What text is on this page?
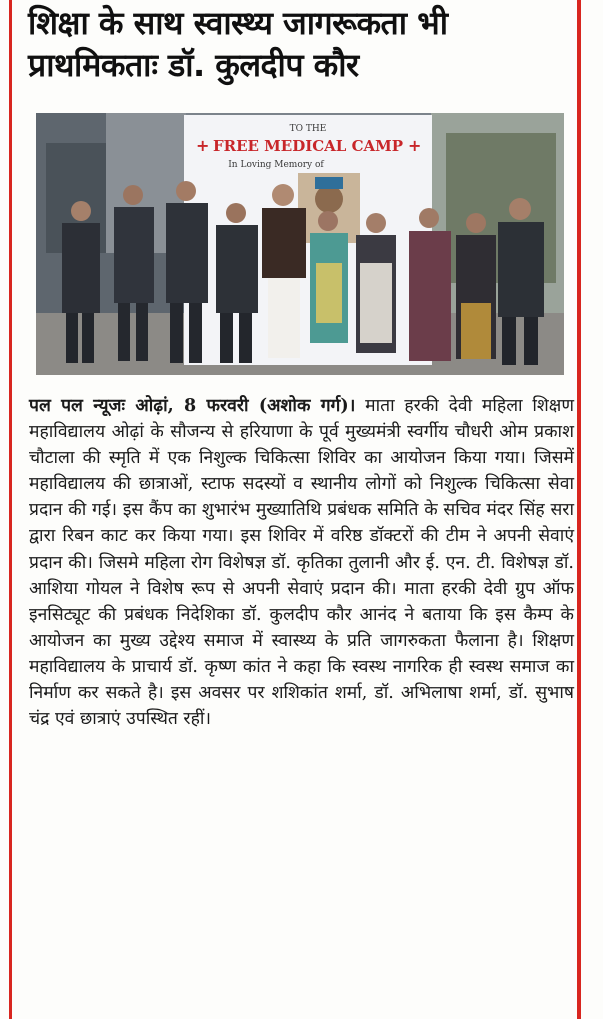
शिक्षा के साथ स्वास्थ्य जागरूकता भी प्राथमिकताः डॉ. कुलदीप कौर
TO THE
FREE MEDICAL CAMP
+	+
In Loving Memory of

पल पल न्यूजः ओढ़ां, 8 फरवरी (अशोक गर्ग)। माता हरकी देवी महिला शिक्षण महाविद्यालय ओढ़ां के सौजन्य से हरियाणा के पूर्व मुख्यमंत्री स्वर्गीय चौधरी ओम प्रकाश चौटाला की स्मृति में एक निशुल्क चिकित्सा शिविर का आयोजन किया गया। जिसमें महाविद्यालय की छात्राओं, स्टाफ सदस्यों व स्थानीय लोगों को निशुल्क चिकित्सा सेवा प्रदान की गई। इस कैंप का शुभारंभ मुख्यातिथि प्रबंधक समिति के सचिव मंदर सिंह सरा द्वारा रिबन काट कर किया गया। इस शिविर में वरिष्ठ डॉक्टरों की टीम ने अपनी सेवाएं प्रदान की। जिसमे महिला रोग विशेषज्ञ डॉ. कृतिका तुलानी और ई. एन. टी. विशेषज्ञ डॉ. आशिया गोयल ने विशेष रूप से अपनी सेवाएं प्रदान की। माता हरकी देवी ग्रुप ऑफ इनसिट्यूट की प्रबंधक निदेशिका डॉ. कुलदीप कौर आनंद ने बताया कि इस कैम्प के आयोजन का मुख्य उद्देश्य समाज में स्वास्थ्य के प्रति जागरुकता फैलाना है। शिक्षण महाविद्यालय के प्राचार्य डॉ. कृष्ण कांत ने कहा कि स्वस्थ नागरिक ही स्वस्थ समाज का निर्माण कर सकते है। इस अवसर पर शशिकांत शर्मा, डॉ. अभिलाषा शर्मा, डॉ. सुभाष चंद्र एवं छात्राएं उपस्थित रहीं।
